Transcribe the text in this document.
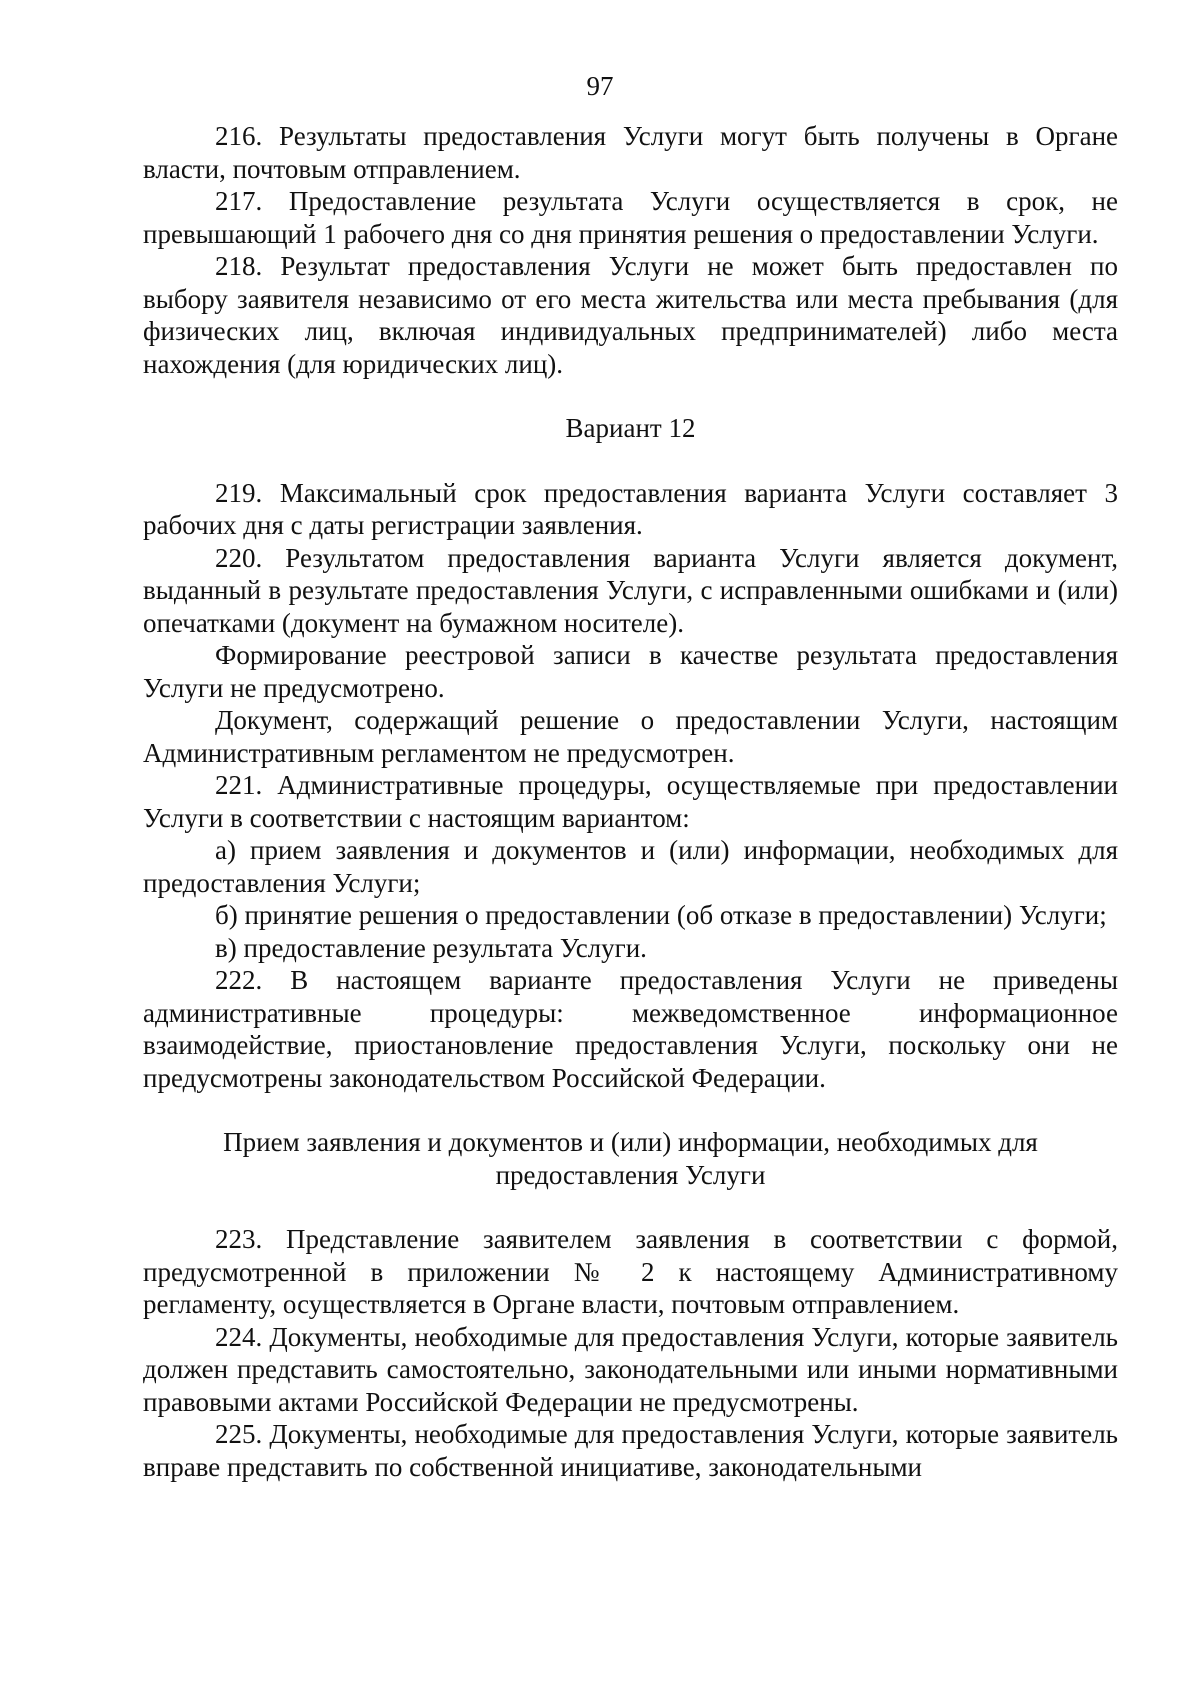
97

216. Результаты предоставления Услуги могут быть получены в Органе власти, почтовым отправлением.

217. Предоставление результата Услуги осуществляется в срок, не превышающий 1 рабочего дня со дня принятия решения о предоставлении Услуги.

218. Результат предоставления Услуги не может быть предоставлен по выбору заявителя независимо от его места жительства или места пребывания (для физических лиц, включая индивидуальных предпринимателей) либо места нахождения (для юридических лиц).

Вариант 12

219. Максимальный срок предоставления варианта Услуги составляет 3 рабочих дня с даты регистрации заявления.

220. Результатом предоставления варианта Услуги является документ, выданный в результате предоставления Услуги, с исправленными ошибками и (или) опечатками (документ на бумажном носителе).

Формирование реестровой записи в качестве результата предоставления Услуги не предусмотрено.

Документ, содержащий решение о предоставлении Услуги, настоящим Административным регламентом не предусмотрен.

221. Административные процедуры, осуществляемые при предоставлении Услуги в соответствии с настоящим вариантом:

а) прием заявления и документов и (или) информации, необходимых для предоставления Услуги;

б) принятие решения о предоставлении (об отказе в предоставлении) Услуги;

в) предоставление результата Услуги.

222. В настоящем варианте предоставления Услуги не приведены административные процедуры: межведомственное информационное взаимодействие, приостановление предоставления Услуги, поскольку они не предусмотрены законодательством Российской Федерации.

Прием заявления и документов и (или) информации, необходимых для предоставления Услуги

223. Представление заявителем заявления в соответствии с формой, предусмотренной в приложении № 2 к настоящему Административному регламенту, осуществляется в Органе власти, почтовым отправлением.

224. Документы, необходимые для предоставления Услуги, которые заявитель должен представить самостоятельно, законодательными или иными нормативными правовыми актами Российской Федерации не предусмотрены.

225. Документы, необходимые для предоставления Услуги, которые заявитель вправе представить по собственной инициативе, законодательными
